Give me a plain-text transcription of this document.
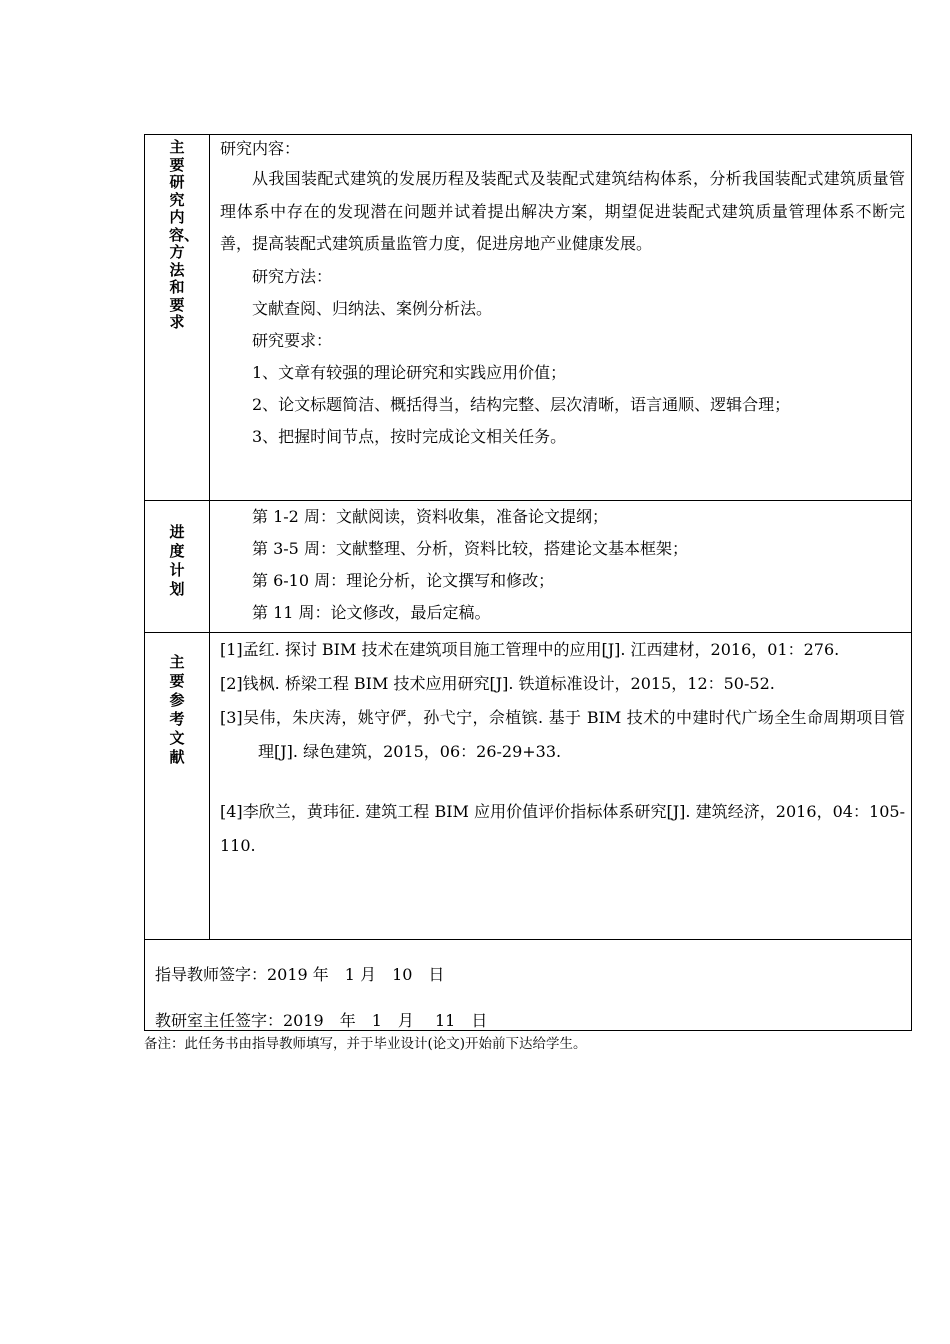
主要研究内容、方法和要求

研究内容：

从我国装配式建筑的发展历程及装配式及装配式建筑结构体系，分析我国装配式建筑质量管理体系中存在的发现潜在问题并试着提出解决方案，期望促进装配式建筑质量管理体系不断完善，提高装配式建筑质量监管力度，促进房地产业健康发展。

研究方法：

文献查阅、归纳法、案例分析法。

研究要求：

1、文章有较强的理论研究和实践应用价值；

2、论文标题简洁、概括得当，结构完整、层次清晰，语言通顺、逻辑合理；

3、把握时间节点，按时完成论文相关任务。

进度计划

第 1-2 周：文献阅读，资料收集，准备论文提纲；

第 3-5 周：文献整理、分析，资料比较，搭建论文基本框架；

第 6-10 周：理论分析，论文撰写和修改；

第 11 周：论文修改，最后定稿。

主要参考文献

[1]孟红. 探讨 BIM 技术在建筑项目施工管理中的应用[J]. 江西建材，2016，01：276.

[2]钱枫. 桥梁工程 BIM 技术应用研究[J]. 铁道标准设计，2015，12：50-52.

[3]吴伟，朱庆涛，姚守俨，孙弋宁，佘植镔. 基于 BIM 技术的中建时代广场全生命周期项目管理[J]. 绿色建筑，2015，06：26-29+33.

[4]李欣兰，黄玮征. 建筑工程 BIM 应用价值评价指标体系研究[J]. 建筑经济，2016，04：105-110.

指导教师签字：2019 年　1 月　10　日
教研室主任签字：2019　年　1　月　 11　日
备注：此任务书由指导教师填写，并于毕业设计(论文)开始前下达给学生。
